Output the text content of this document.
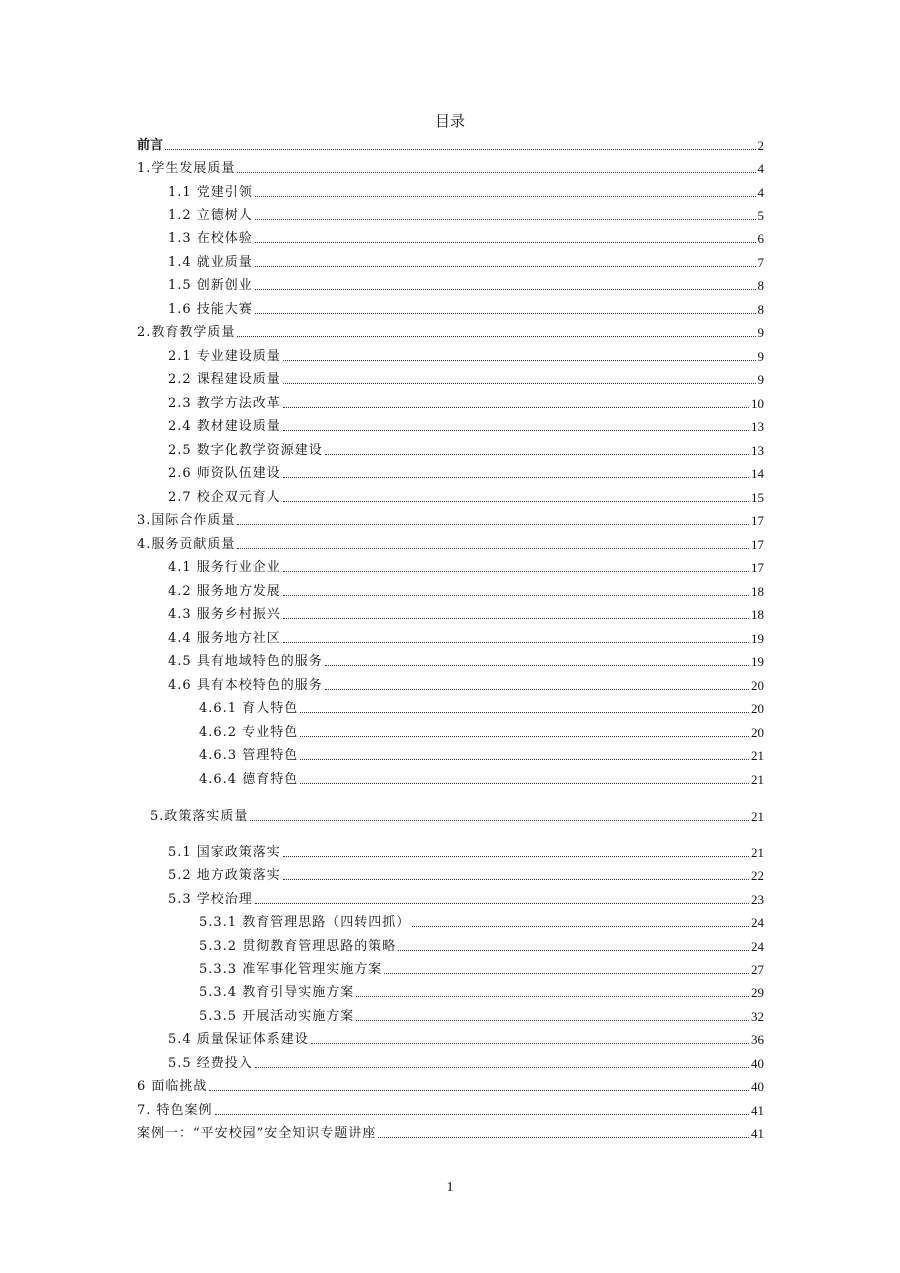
目录
前言	2
1.学生发展质量	4
1.1 党建引领	4
1.2 立德树人	5
1.3 在校体验	6
1.4 就业质量	7
1.5 创新创业	8
1.6 技能大赛	8
2.教育教学质量	9
2.1 专业建设质量	9
2.2 课程建设质量	9
2.3 教学方法改革	10
2.4 教材建设质量	13
2.5 数字化教学资源建设	13
2.6 师资队伍建设	14
2.7 校企双元育人	15
3.国际合作质量	17
4.服务贡献质量	17
4.1 服务行业企业	17
4.2 服务地方发展	18
4.3 服务乡村振兴	18
4.4 服务地方社区	19
4.5 具有地域特色的服务	19
4.6 具有本校特色的服务	20
4.6.1 育人特色	20
4.6.2 专业特色	20
4.6.3 管理特色	21
4.6.4 德育特色	21
5.政策落实质量	21
5.1 国家政策落实	21
5.2 地方政策落实	22
5.3 学校治理	23
5.3.1 教育管理思路（四转四抓）	24
5.3.2 贯彻教育管理思路的策略	24
5.3.3 准军事化管理实施方案	27
5.3.4 教育引导实施方案	29
5.3.5 开展活动实施方案	32
5.4 质量保证体系建设	36
5.5 经费投入	40
6 面临挑战	40
7. 特色案例	41
案例一：“平安校园”安全知识专题讲座	41
1
